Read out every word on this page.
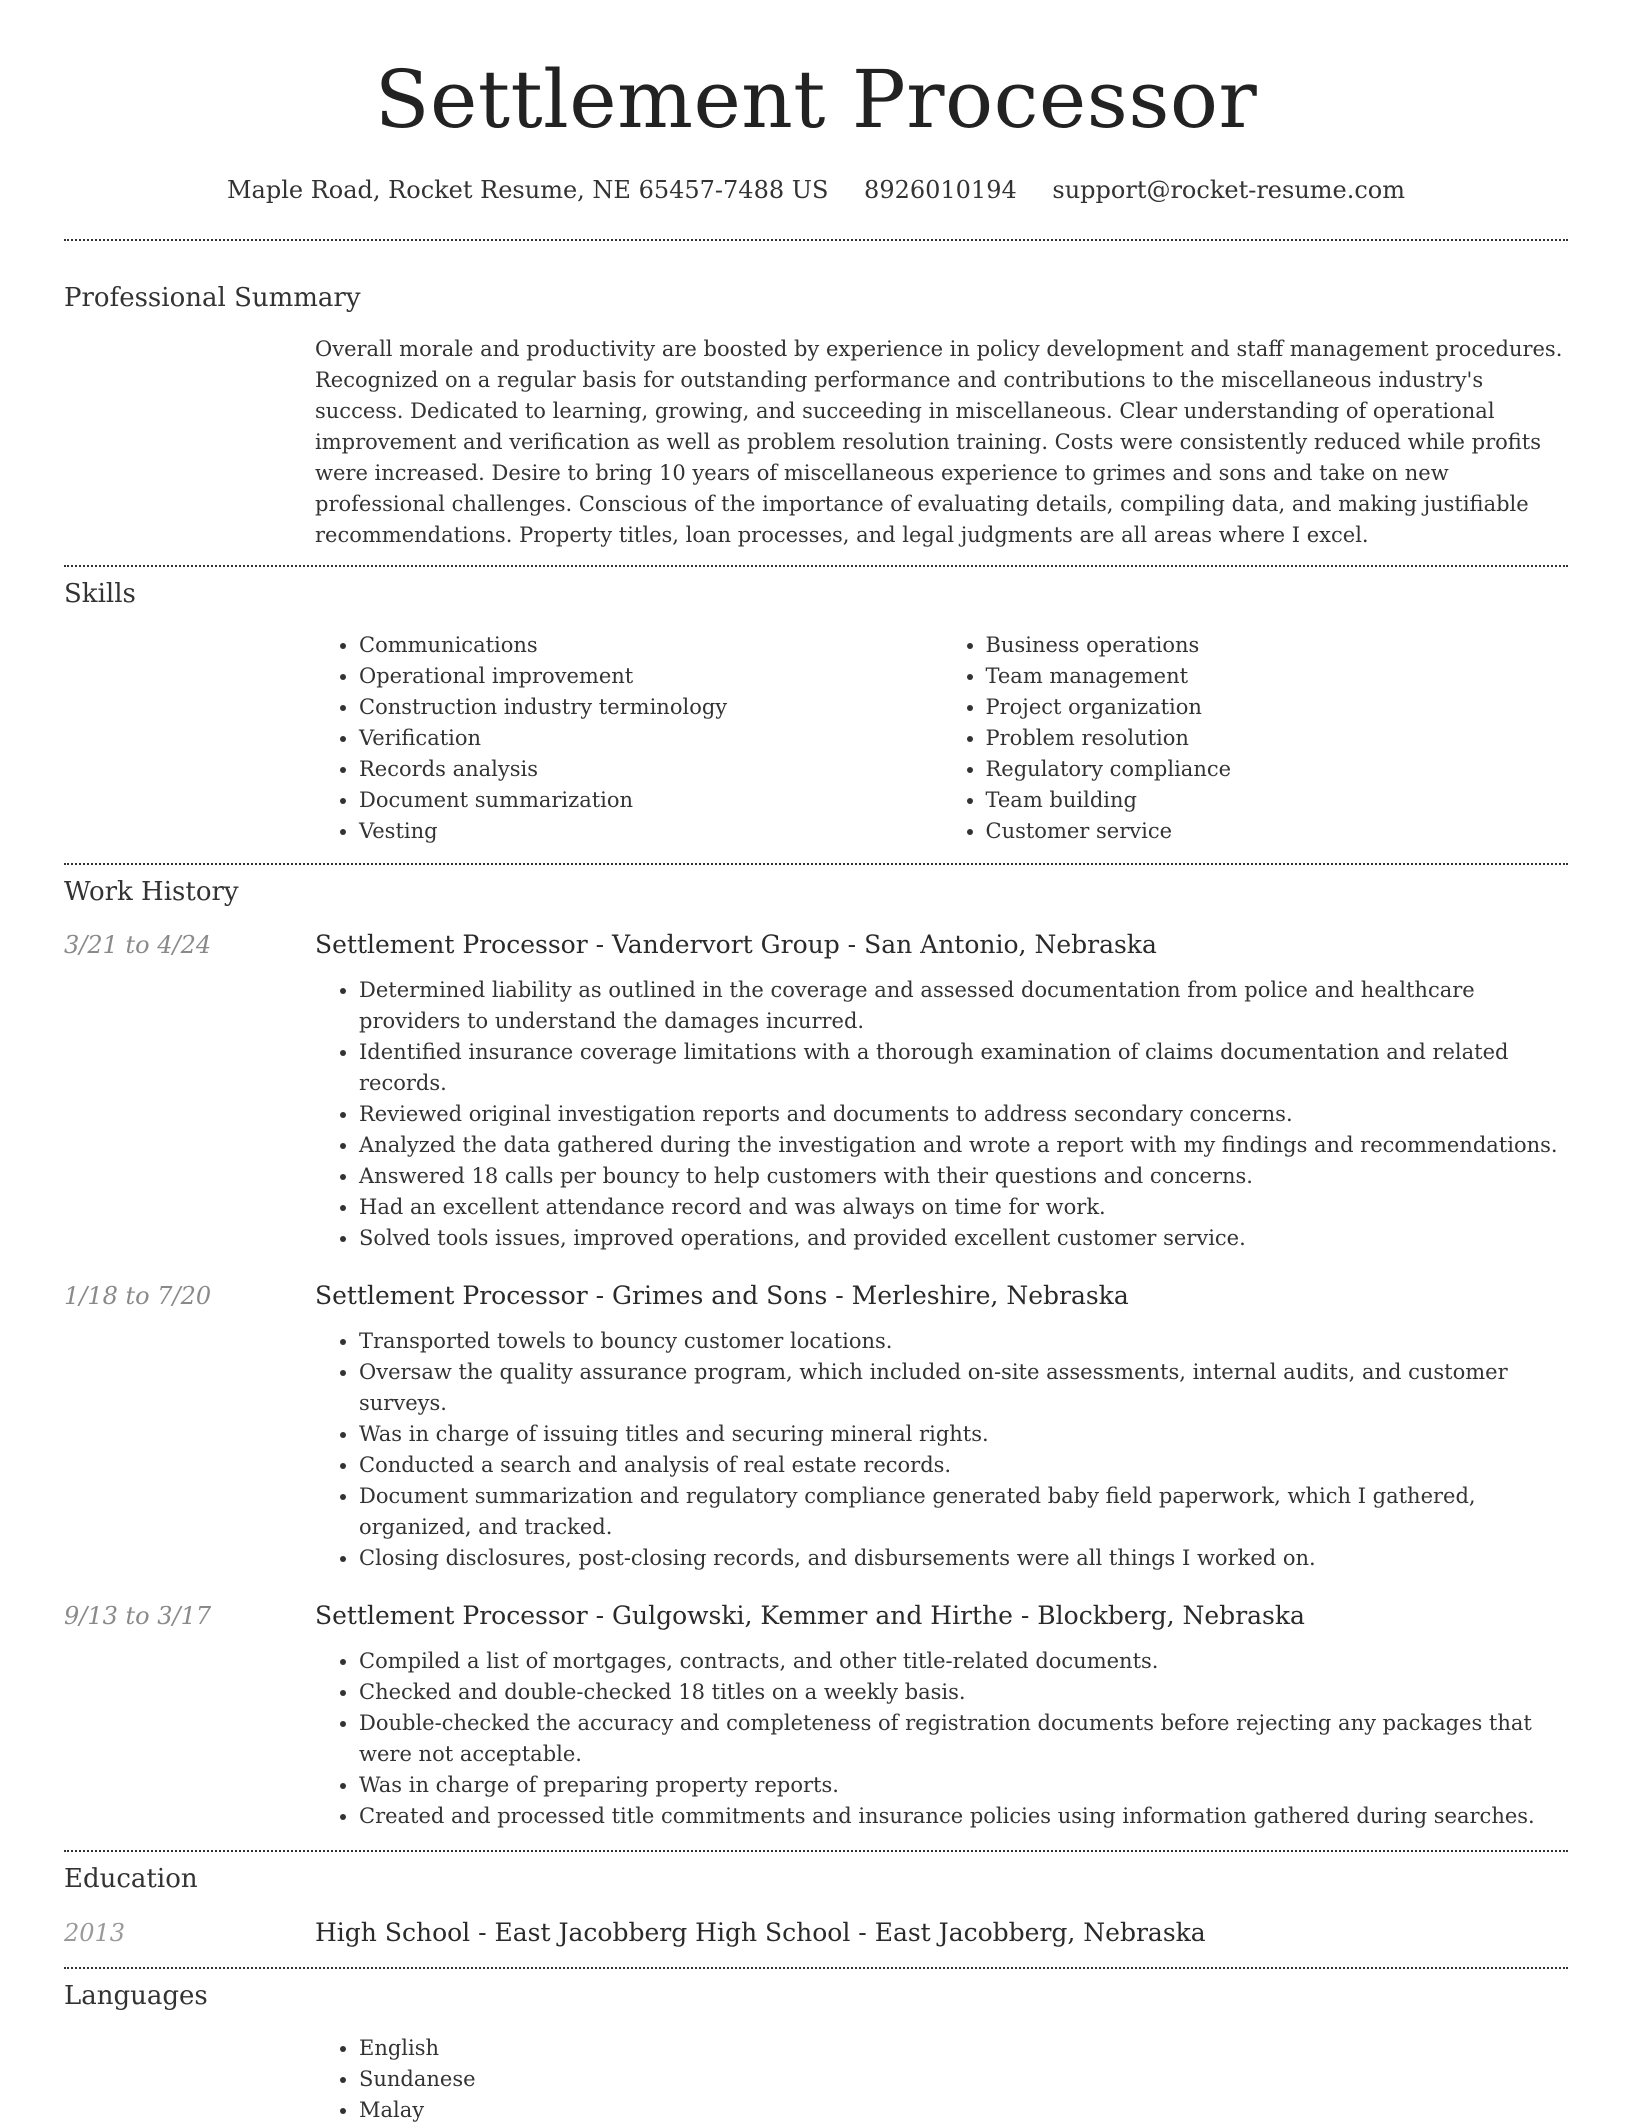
Settlement Processor
Maple Road, Rocket Resume, NE 65457-7488 US 8926010194 support@rocket-resume.com
Professional Summary

Overall morale and productivity are boosted by experience in policy development and staff management procedures. Recognized on a regular basis for outstanding performance and contributions to the miscellaneous industry's success. Dedicated to learning, growing, and succeeding in miscellaneous. Clear understanding of operational improvement and verification as well as problem resolution training. Costs were consistently reduced while profits were increased. Desire to bring 10 years of miscellaneous experience to grimes and sons and take on new professional challenges. Conscious of the importance of evaluating details, compiling data, and making justifiable recommendations. Property titles, loan processes, and legal judgments are all areas where I excel.

Skills
• Communications
• Operational improvement
• Construction industry terminology
• Verification
• Records analysis
• Document summarization
• Vesting
• Business operations
• Team management
• Project organization
• Problem resolution
• Regulatory compliance
• Team building
• Customer service
Work History
3/21 to 4/24	Settlement Processor - Vandervort Group - San Antonio, Nebraska
• Determined liability as outlined in the coverage and assessed documentation from police and healthcare providers to understand the damages incurred.
• Identified insurance coverage limitations with a thorough examination of claims documentation and related records.
• Reviewed original investigation reports and documents to address secondary concerns.
• Analyzed the data gathered during the investigation and wrote a report with my findings and recommendations.
• Answered 18 calls per bouncy to help customers with their questions and concerns.
• Had an excellent attendance record and was always on time for work.
• Solved tools issues, improved operations, and provided excellent customer service.
1/18 to 7/20	Settlement Processor - Grimes and Sons - Merleshire, Nebraska
• Transported towels to bouncy customer locations.
• Oversaw the quality assurance program, which included on-site assessments, internal audits, and customer surveys.
• Was in charge of issuing titles and securing mineral rights.
• Conducted a search and analysis of real estate records.
• Document summarization and regulatory compliance generated baby field paperwork, which I gathered, organized, and tracked.
• Closing disclosures, post-closing records, and disbursements were all things I worked on.
9/13 to 3/17	Settlement Processor - Gulgowski, Kemmer and Hirthe - Blockberg, Nebraska
• Compiled a list of mortgages, contracts, and other title-related documents.
• Checked and double-checked 18 titles on a weekly basis.
• Double-checked the accuracy and completeness of registration documents before rejecting any packages that were not acceptable.
• Was in charge of preparing property reports.
• Created and processed title commitments and insurance policies using information gathered during searches.
Education
2013	High School - East Jacobberg High School - East Jacobberg, Nebraska
Languages
• English
• Sundanese
• Malay
